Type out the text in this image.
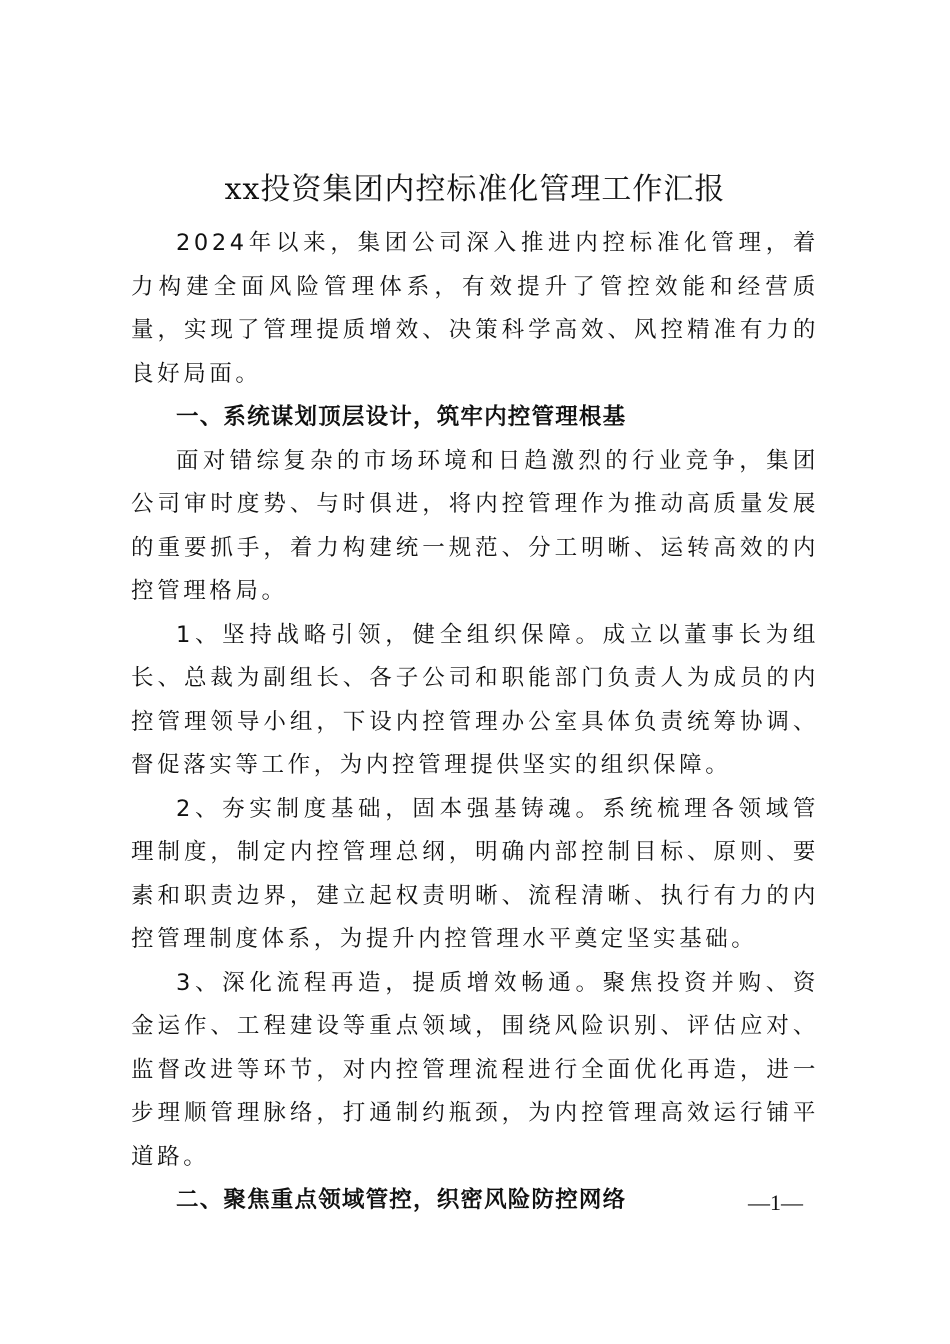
xx投资集团内控标准化管理工作汇报

2024年以来，集团公司深入推进内控标准化管理，着力构建全面风险管理体系，有效提升了管控效能和经营质量，实现了管理提质增效、决策科学高效、风控精准有力的良好局面。

一、系统谋划顶层设计，筑牢内控管理根基

面对错综复杂的市场环境和日趋激烈的行业竞争，集团公司审时度势、与时俱进，将内控管理作为推动高质量发展的重要抓手，着力构建统一规范、分工明晰、运转高效的内控管理格局。

1、坚持战略引领，健全组织保障。成立以董事长为组长、总裁为副组长、各子公司和职能部门负责人为成员的内控管理领导小组，下设内控管理办公室具体负责统筹协调、督促落实等工作，为内控管理提供坚实的组织保障。

2、夯实制度基础，固本强基铸魂。系统梳理各领域管理制度，制定内控管理总纲，明确内部控制目标、原则、要素和职责边界，建立起权责明晰、流程清晰、执行有力的内控管理制度体系，为提升内控管理水平奠定坚实基础。

3、深化流程再造，提质增效畅通。聚焦投资并购、资金运作、工程建设等重点领域，围绕风险识别、评估应对、监督改进等环节，对内控管理流程进行全面优化再造，进一步理顺管理脉络，打通制约瓶颈，为内控管理高效运行铺平道路。

二、聚焦重点领域管控，织密风险防控网络	—1—
